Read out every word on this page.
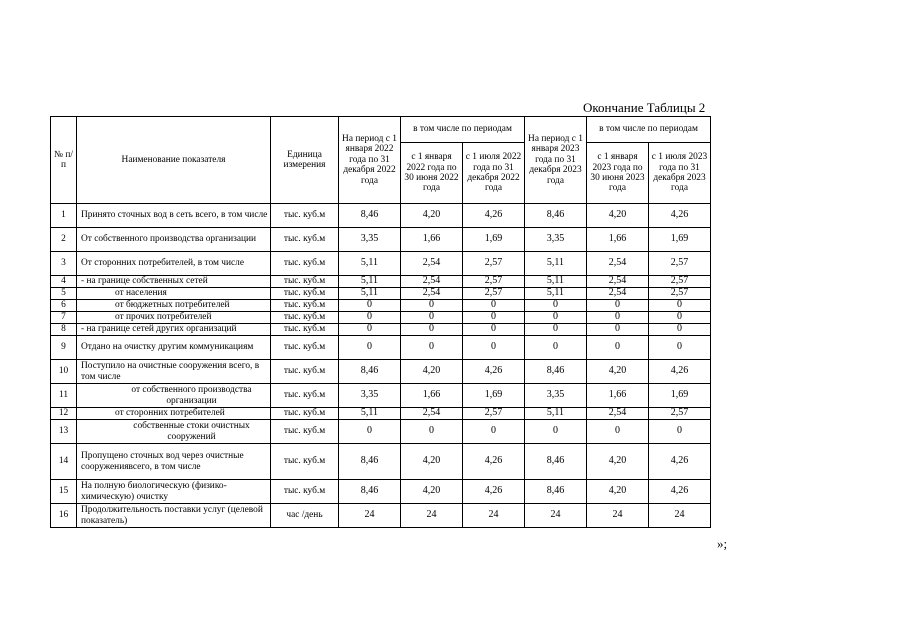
Окончание Таблицы 2
№ п/п	Наименование показателя	Единица измерения	На период с 1 января 2022 года по 31 декабря 2022 года	в том числе по периодам		На период с 1 января 2023 года по 31 декабря 2023 года	в том числе по периодам	
				с 1 января 2022 года по 30 июня 2022 года	с 1 июля 2022 года по 31 декабря 2022 года		с 1 января 2023 года по 30 июня 2023 года	с 1 июля 2023 года по 31 декабря 2023 года
1	Принято сточных вод в сеть всего, в том числе	тыс. куб.м	8,46	4,20	4,26	8,46	4,20	4,26
2	От собственного производства организации	тыс. куб.м	3,35	1,66	1,69	3,35	1,66	1,69
3	От сторонних потребителей, в том числе	тыс. куб.м	5,11	2,54	2,57	5,11	2,54	2,57
4	- на границе собственных сетей	тыс. куб.м	5,11	2,54	2,57	5,11	2,54	2,57
5	от населения	тыс. куб.м	5,11	2,54	2,57	5,11	2,54	2,57
6	от бюджетных потребителей	тыс. куб.м	0	0	0	0	0	0
7	от прочих потребителей	тыс. куб.м	0	0	0	0	0	0
8	- на границе сетей других организаций	тыс. куб.м	0	0	0	0	0	0
9	Отдано на очистку другим коммуникациям	тыс. куб.м	0	0	0	0	0	0
10	Поступило на очистные сооружения всего, в том числе	тыс. куб.м	8,46	4,20	4,26	8,46	4,20	4,26
11	от собственного производства организации	тыс. куб.м	3,35	1,66	1,69	3,35	1,66	1,69
12	от сторонних потребителей	тыс. куб.м	5,11	2,54	2,57	5,11	2,54	2,57
13	собственные стоки очистных сооружений	тыс. куб.м	0	0	0	0	0	0
14	Пропущено сточных вод через очистные сооружениявсего, в том числе	тыс. куб.м	8,46	4,20	4,26	8,46	4,20	4,26
15	На полную биологическую (физико-химическую) очистку	тыс. куб.м	8,46	4,20	4,26	8,46	4,20	4,26
16	Продолжительность поставки услуг (целевой показатель)	час /день	24	24	24	24	24	24
»;
